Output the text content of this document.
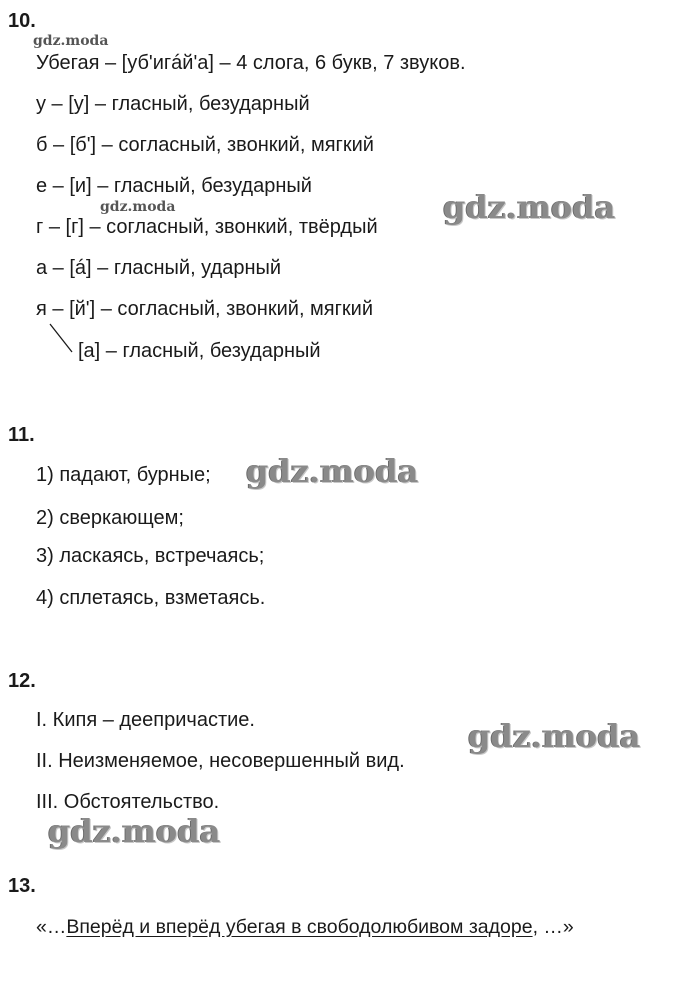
10.
gdz.moda
Убегая – [уб'игáй'а] – 4 слога, 6 букв, 7 звуков.
у – [у] – гласный, безударный
б – [б'] – согласный, звонкий, мягкий
е – [и] – гласный, безударный
gdz.moda
г – [г] – согласный, звонкий, твёрдый
gdz.moda
а – [á] – гласный, ударный
я – [й'] – согласный, звонкий, мягкий
[а] – гласный, безударный
11.
1) падают, бурные; gdz.moda
2) сверкающем;
3) ласкаясь, встречаясь;
4) сплетаясь, взметаясь.
12.
I. Кипя – деепричастие.	gdz.moda
II. Неизменяемое, несовершенный вид.
III. Обстоятельство.
gdz.moda
13.
«…Вперёд и вперёд убегая в свободолюбивом задоре, …»
